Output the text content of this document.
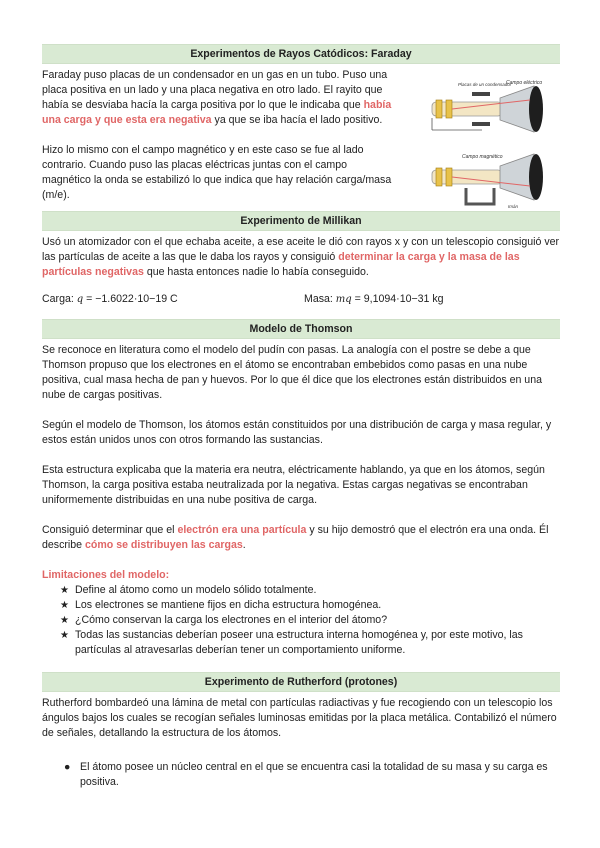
Experimentos de Rayos Catódicos: Faraday

Faraday puso placas de un condensador en un gas en un tubo. Puso una placa positiva en un lado y una placa negativa en otro lado. El rayito que había se desviaba hacía la carga positiva por lo que le indicaba que había una carga y que esta era negativa ya que se iba hacía el lado positivo.

Hizo lo mismo con el campo magnético y en este caso se fue al lado contrario. Cuando puso las placas eléctricas juntas con el campo magnético la onda se estabilizó lo que indica que hay relación carga/masa (m/e).

Placas de un condensador
Campo eléctrico
Campo magnético
Imán
Experimento de Millikan

Usó un atomizador con el que echaba aceite, a ese aceite le dió con rayos x y con un telescopio consiguió ver las partículas de aceite a las que le daba los rayos y consiguió determinar la carga y la masa de las partículas negativas que hasta entonces nadie lo había conseguido.

Carga: q = −1.6022·10−19 C	Masa: mq = 9,1094·10−31 kg
Modelo de Thomson

Se reconoce en literatura como el modelo del pudín con pasas. La analogía con el postre se debe a que Thomson propuso que los electrones en el átomo se encontraban embebidos como pasas en una nube positiva, cual masa hecha de pan y huevos. Por lo que él dice que los electrones están distribuidos en una nube de cargas positivas.

Según el modelo de Thomson, los átomos están constituidos por una distribución de carga y masa regular, y estos están unidos unos con otros formando las sustancias.

Esta estructura explicaba que la materia era neutra, eléctricamente hablando, ya que en los átomos, según Thomson, la carga positiva estaba neutralizada por la negativa. Estas cargas negativas se encontraban uniformemente distribuidas en una nube positiva de carga.

Consiguió determinar que el electrón era una partícula y su hijo demostró que el electrón era una onda. Él describe cómo se distribuyen las cargas.

Limitaciones del modelo:

★ Define al átomo como un modelo sólido totalmente.
★ Los electrones se mantiene fijos en dicha estructura homogénea.
★ ¿Cómo conservan la carga los electrones en el interior del átomo?
★ Todas las sustancias deberían poseer una estructura interna homogénea y, por este motivo, las partículas al atravesarlas deberían tener un comportamiento uniforme.
Experimento de Rutherford (protones)

Rutherford bombardeó una lámina de metal con partículas radiactivas y fue recogiendo con un telescopio los ángulos bajos los cuales se recogían señales luminosas emitidas por la placa metálica. Contabilizó el número de señales, detallando la estructura de los átomos.

● El átomo posee un núcleo central en el que se encuentra casi la totalidad de su masa y su carga es positiva.
